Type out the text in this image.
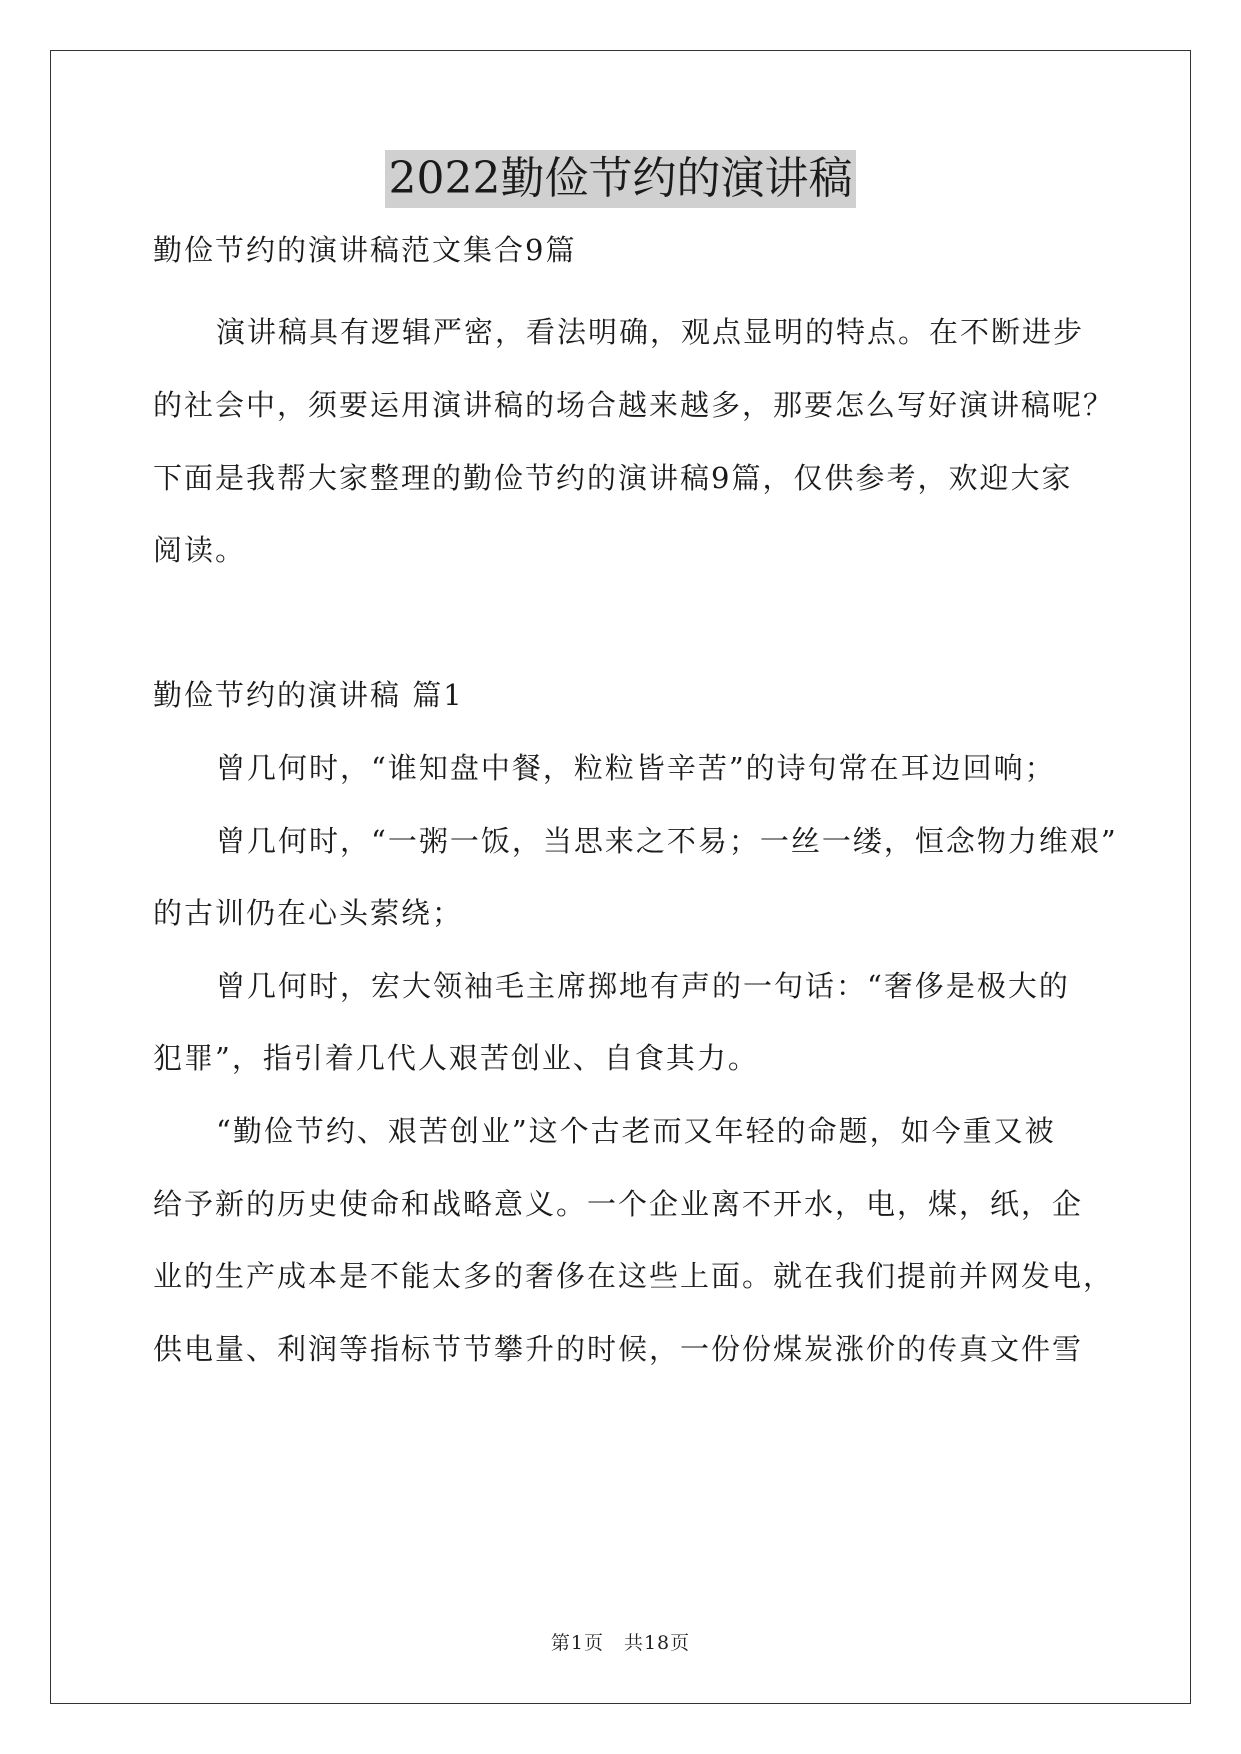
2022勤俭节约的演讲稿
勤俭节约的演讲稿范文集合9篇
演讲稿具有逻辑严密，看法明确，观点显明的特点。在不断进步
的社会中，须要运用演讲稿的场合越来越多，那要怎么写好演讲稿呢？
下面是我帮大家整理的勤俭节约的演讲稿9篇，仅供参考，欢迎大家
阅读。
勤俭节约的演讲稿 篇1
曾几何时，“谁知盘中餐，粒粒皆辛苦”的诗句常在耳边回响；
曾几何时，“一粥一饭，当思来之不易；一丝一缕，恒念物力维艰”
的古训仍在心头萦绕；
曾几何时，宏大领袖毛主席掷地有声的一句话：“奢侈是极大的
犯罪”，指引着几代人艰苦创业、自食其力。
“勤俭节约、艰苦创业”这个古老而又年轻的命题，如今重又被
给予新的历史使命和战略意义。一个企业离不开水，电，煤，纸，企
业的生产成本是不能太多的奢侈在这些上面。就在我们提前并网发电，
供电量、利润等指标节节攀升的时候，一份份煤炭涨价的传真文件雪
第1页　共18页
